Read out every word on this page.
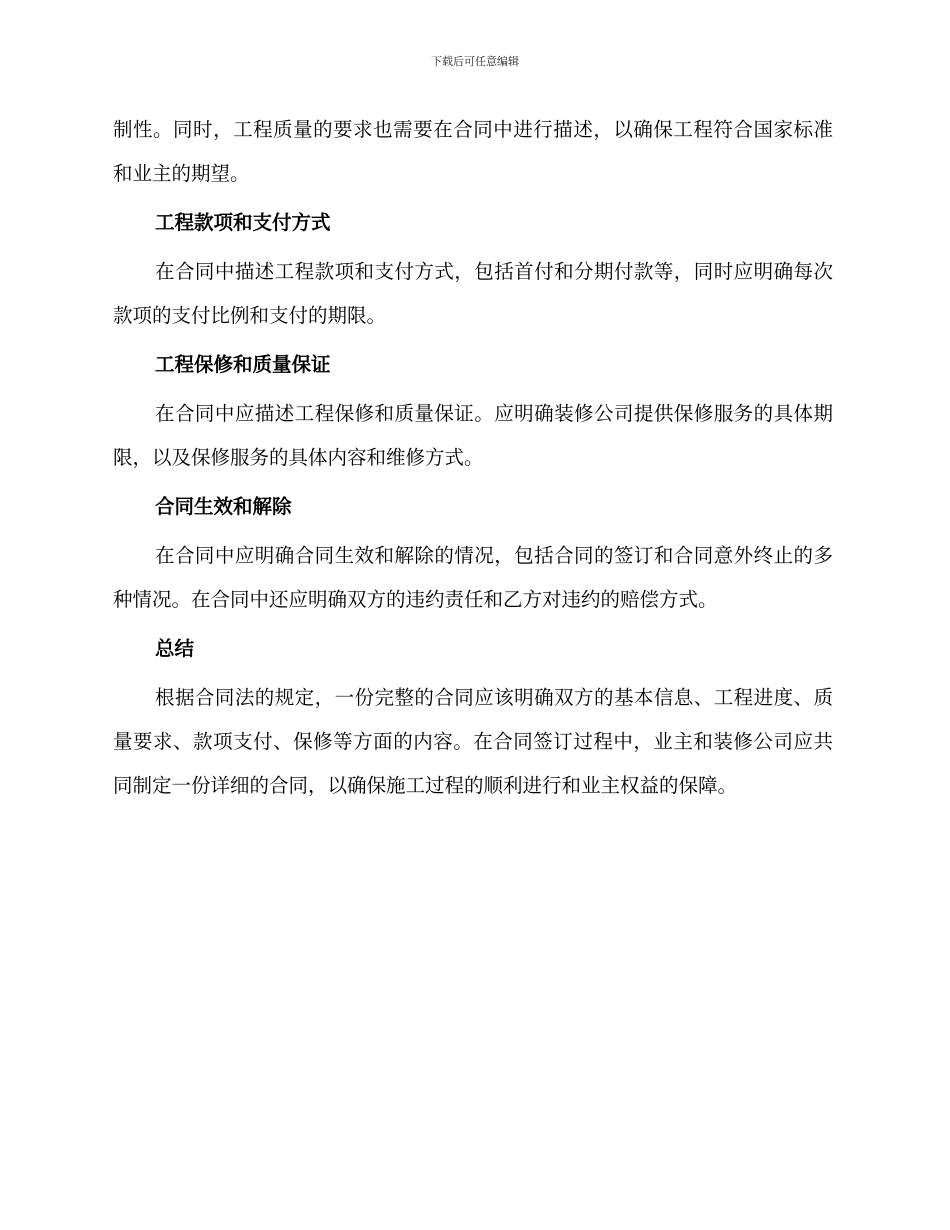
下载后可任意编辑

制性。同时，工程质量的要求也需要在合同中进行描述，以确保工程符合国家标准和业主的期望。

工程款项和支付方式

在合同中描述工程款项和支付方式，包括首付和分期付款等，同时应明确每次款项的支付比例和支付的期限。

工程保修和质量保证

在合同中应描述工程保修和质量保证。应明确装修公司提供保修服务的具体期限，以及保修服务的具体内容和维修方式。

合同生效和解除

在合同中应明确合同生效和解除的情况，包括合同的签订和合同意外终止的多种情况。在合同中还应明确双方的违约责任和乙方对违约的赔偿方式。

总结

根据合同法的规定，一份完整的合同应该明确双方的基本信息、工程进度、质量要求、款项支付、保修等方面的内容。在合同签订过程中，业主和装修公司应共同制定一份详细的合同，以确保施工过程的顺利进行和业主权益的保障。
